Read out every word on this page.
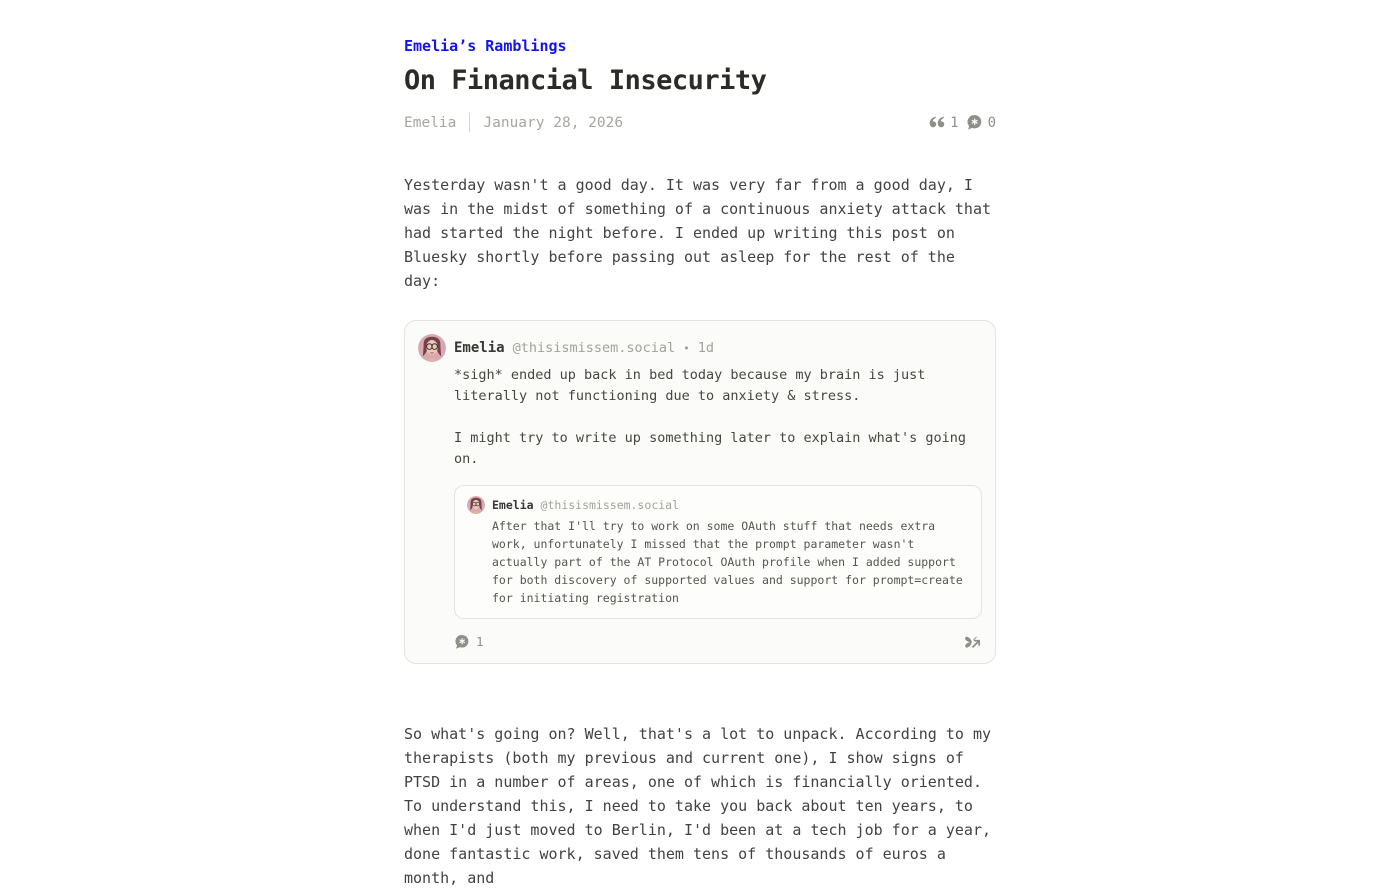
Emelia’s Ramblings
On Financial Insecurity
Emelia January 28, 2026	1 0

Yesterday wasn't a good day. It was very far from a good day, I was in the midst of something of a continuous anxiety attack that had started the night before. I ended up writing this post on Bluesky shortly before passing out asleep for the rest of the day:

Emelia @thisismissem.social • 1d

*sigh* ended up back in bed today because my brain is just literally not functioning due to anxiety & stress.

I might try to write up something later to explain what's going on.

Emelia @thisismissem.social

After that I'll try to work on some OAuth stuff that needs extra work, unfortunately I missed that the prompt parameter wasn't actually part of the AT Protocol OAuth profile when I added support for both discovery of supported values and support for prompt=create for initiating registration

1

So what's going on? Well, that's a lot to unpack. According to my therapists (both my previous and current one), I show signs of PTSD in a number of areas, one of which is financially oriented. To understand this, I need to take you back about ten years, to when I'd just moved to Berlin, I'd been at a tech job for a year, done fantastic work, saved them tens of thousands of euros a month, and
